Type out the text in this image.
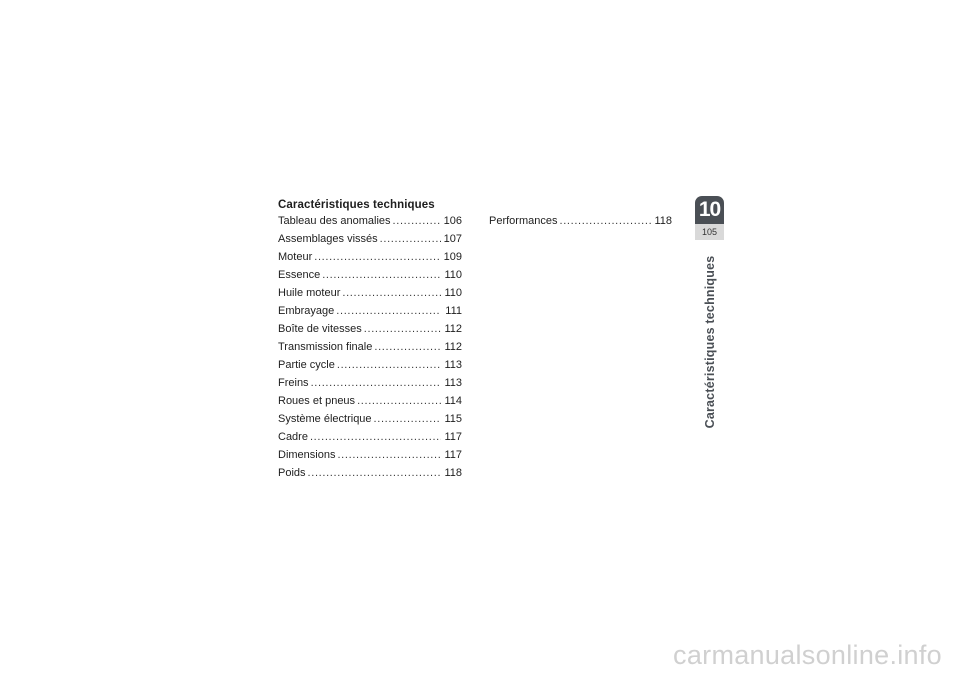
Caractéristiques techniques
Tableau des anomalies . . .	106
Assemblages vissés . . .	107
Moteur . . .	109
Essence . . .	110
Huile moteur . . .	110
Embrayage . . .	111
Boîte de vitesses . . .	112
Transmission finale . . .	112
Partie cycle . . .	113
Freins . . .	113
Roues et pneus . . .	114
Système électrique . . .	115
Cadre . . .	117
Dimensions . . .	117
Poids . . .	118
Performances . . .	118 10
105
Caractéristiques techniques
carmanualsonline.info
